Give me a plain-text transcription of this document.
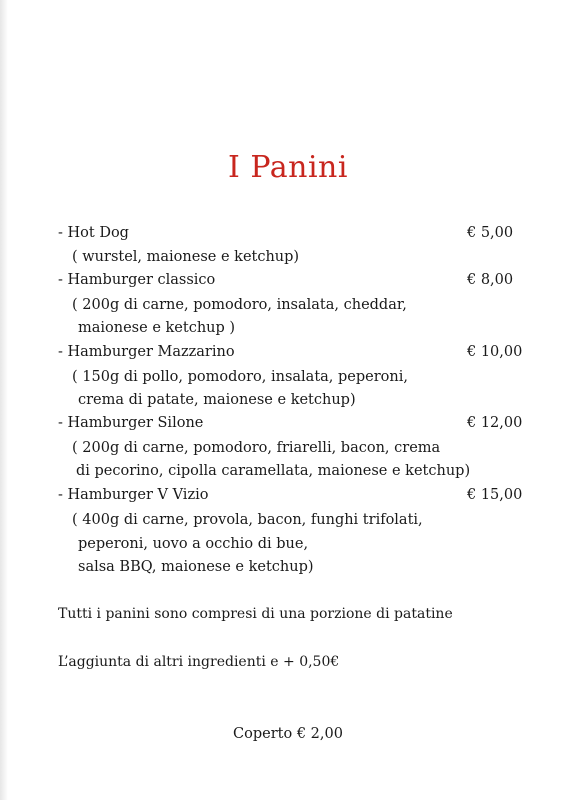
I Panini
- Hot Dog	€ 5,00
( wurstel, maionese e ketchup)
- Hamburger classico	€ 8,00
( 200g di carne, pomodoro, insalata, cheddar,
maionese e ketchup )
- Hamburger Mazzarino	€ 10,00
( 150g di pollo, pomodoro, insalata, peperoni,
crema di patate, maionese e ketchup)
- Hamburger Silone	€ 12,00
( 200g di carne, pomodoro, friarelli, bacon, crema
di pecorino, cipolla caramellata, maionese e ketchup)
- Hamburger V Vizio	€ 15,00
( 400g di carne, provola, bacon, funghi trifolati,
peperoni, uovo a occhio di bue,
salsa BBQ, maionese e ketchup)
Tutti i panini sono compresi di una porzione di patatine
L’aggiunta di altri ingredienti e + 0,50€
Coperto € 2,00
